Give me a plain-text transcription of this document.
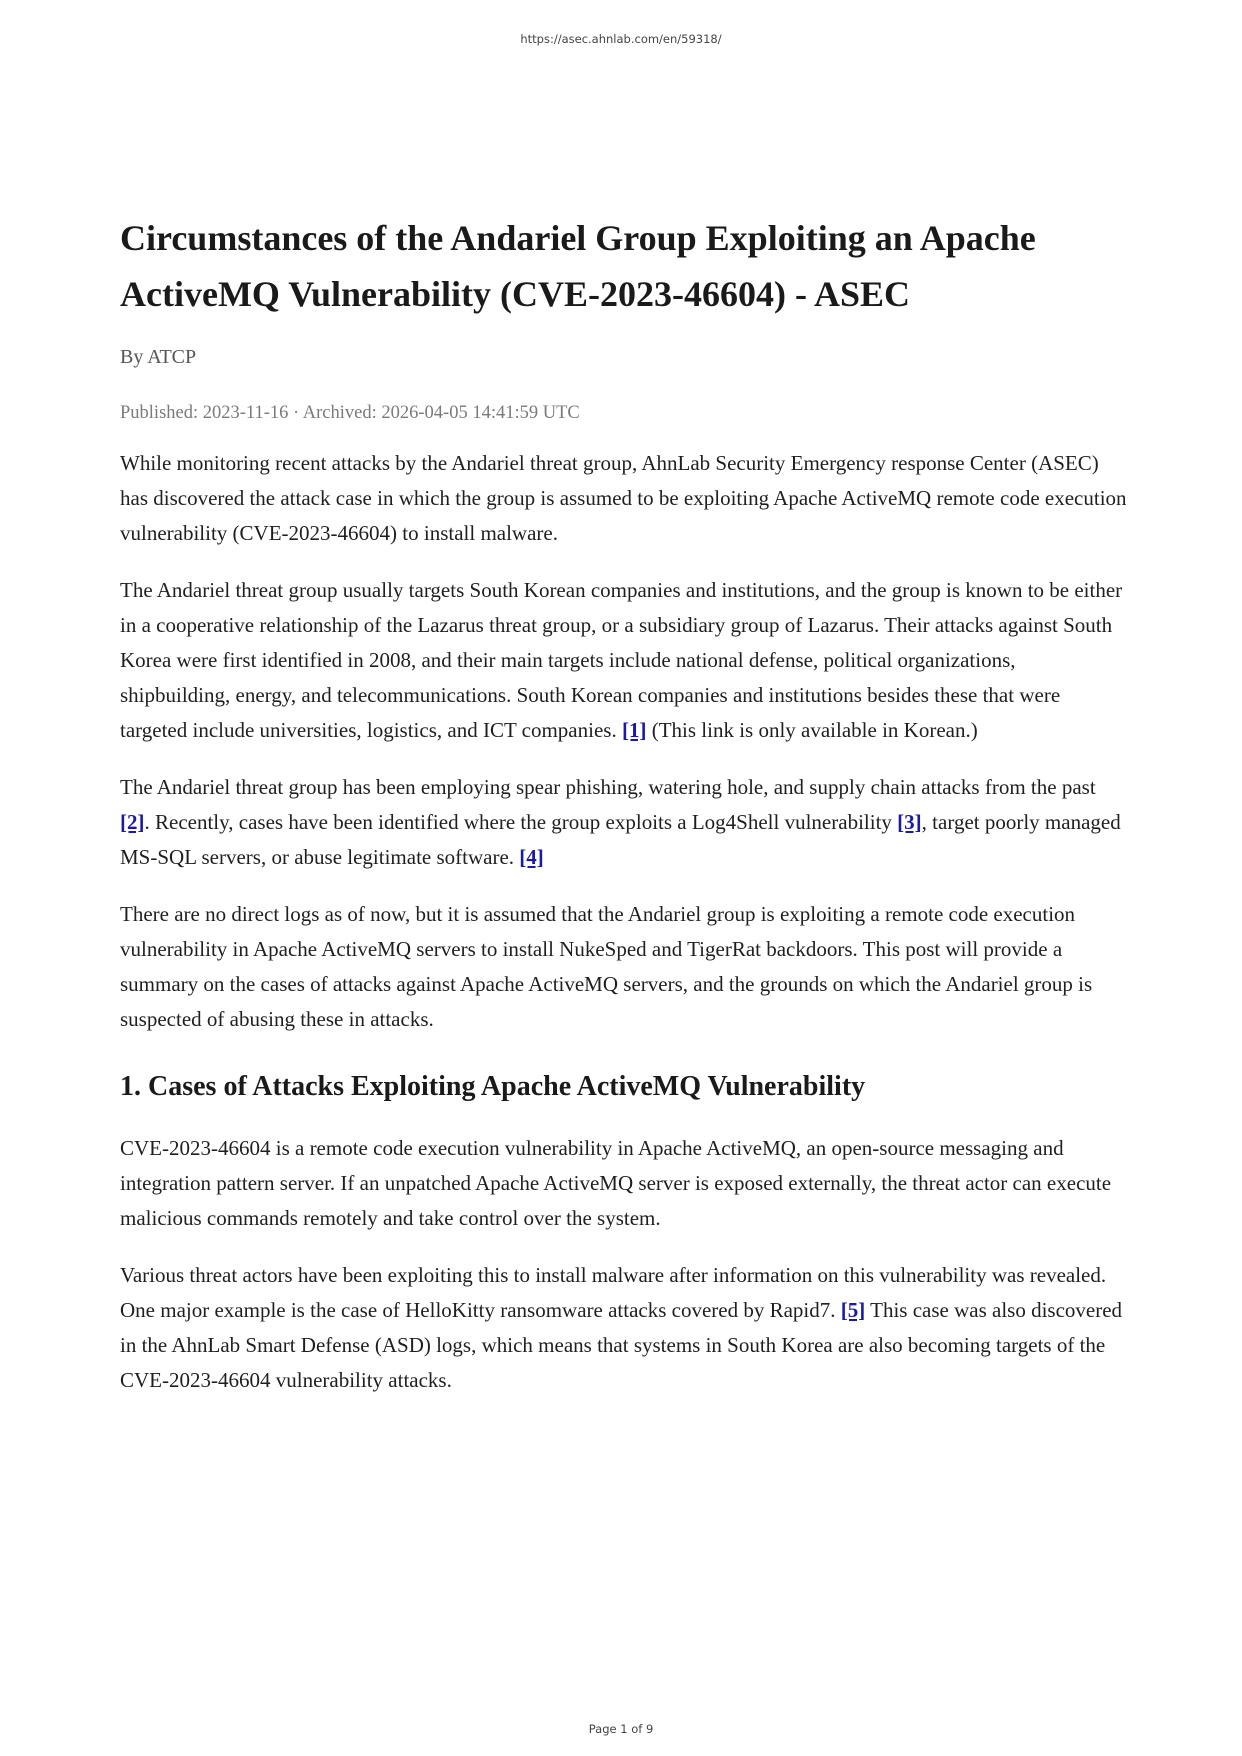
https://asec.ahnlab.com/en/59318/
Circumstances of the Andariel Group Exploiting an Apache ActiveMQ Vulnerability (CVE-2023-46604) - ASEC
By ATCP
Published: 2023-11-16 · Archived: 2026-04-05 14:41:59 UTC

While monitoring recent attacks by the Andariel threat group, AhnLab Security Emergency response Center (ASEC) has discovered the attack case in which the group is assumed to be exploiting Apache ActiveMQ remote code execution vulnerability (CVE-2023-46604) to install malware.

The Andariel threat group usually targets South Korean companies and institutions, and the group is known to be either in a cooperative relationship of the Lazarus threat group, or a subsidiary group of Lazarus. Their attacks against South Korea were first identified in 2008, and their main targets include national defense, political organizations, shipbuilding, energy, and telecommunications. South Korean companies and institutions besides these that were targeted include universities, logistics, and ICT companies. [1] (This link is only available in Korean.)

The Andariel threat group has been employing spear phishing, watering hole, and supply chain attacks from the past [2]. Recently, cases have been identified where the group exploits a Log4Shell vulnerability [3], target poorly managed MS-SQL servers, or abuse legitimate software. [4]

There are no direct logs as of now, but it is assumed that the Andariel group is exploiting a remote code execution vulnerability in Apache ActiveMQ servers to install NukeSped and TigerRat backdoors. This post will provide a summary on the cases of attacks against Apache ActiveMQ servers, and the grounds on which the Andariel group is suspected of abusing these in attacks.

1. Cases of Attacks Exploiting Apache ActiveMQ Vulnerability

CVE-2023-46604 is a remote code execution vulnerability in Apache ActiveMQ, an open-source messaging and integration pattern server. If an unpatched Apache ActiveMQ server is exposed externally, the threat actor can execute malicious commands remotely and take control over the system.

Various threat actors have been exploiting this to install malware after information on this vulnerability was revealed. One major example is the case of HelloKitty ransomware attacks covered by Rapid7. [5] This case was also discovered in the AhnLab Smart Defense (ASD) logs, which means that systems in South Korea are also becoming targets of the CVE-2023-46604 vulnerability attacks.

Page 1 of 9
